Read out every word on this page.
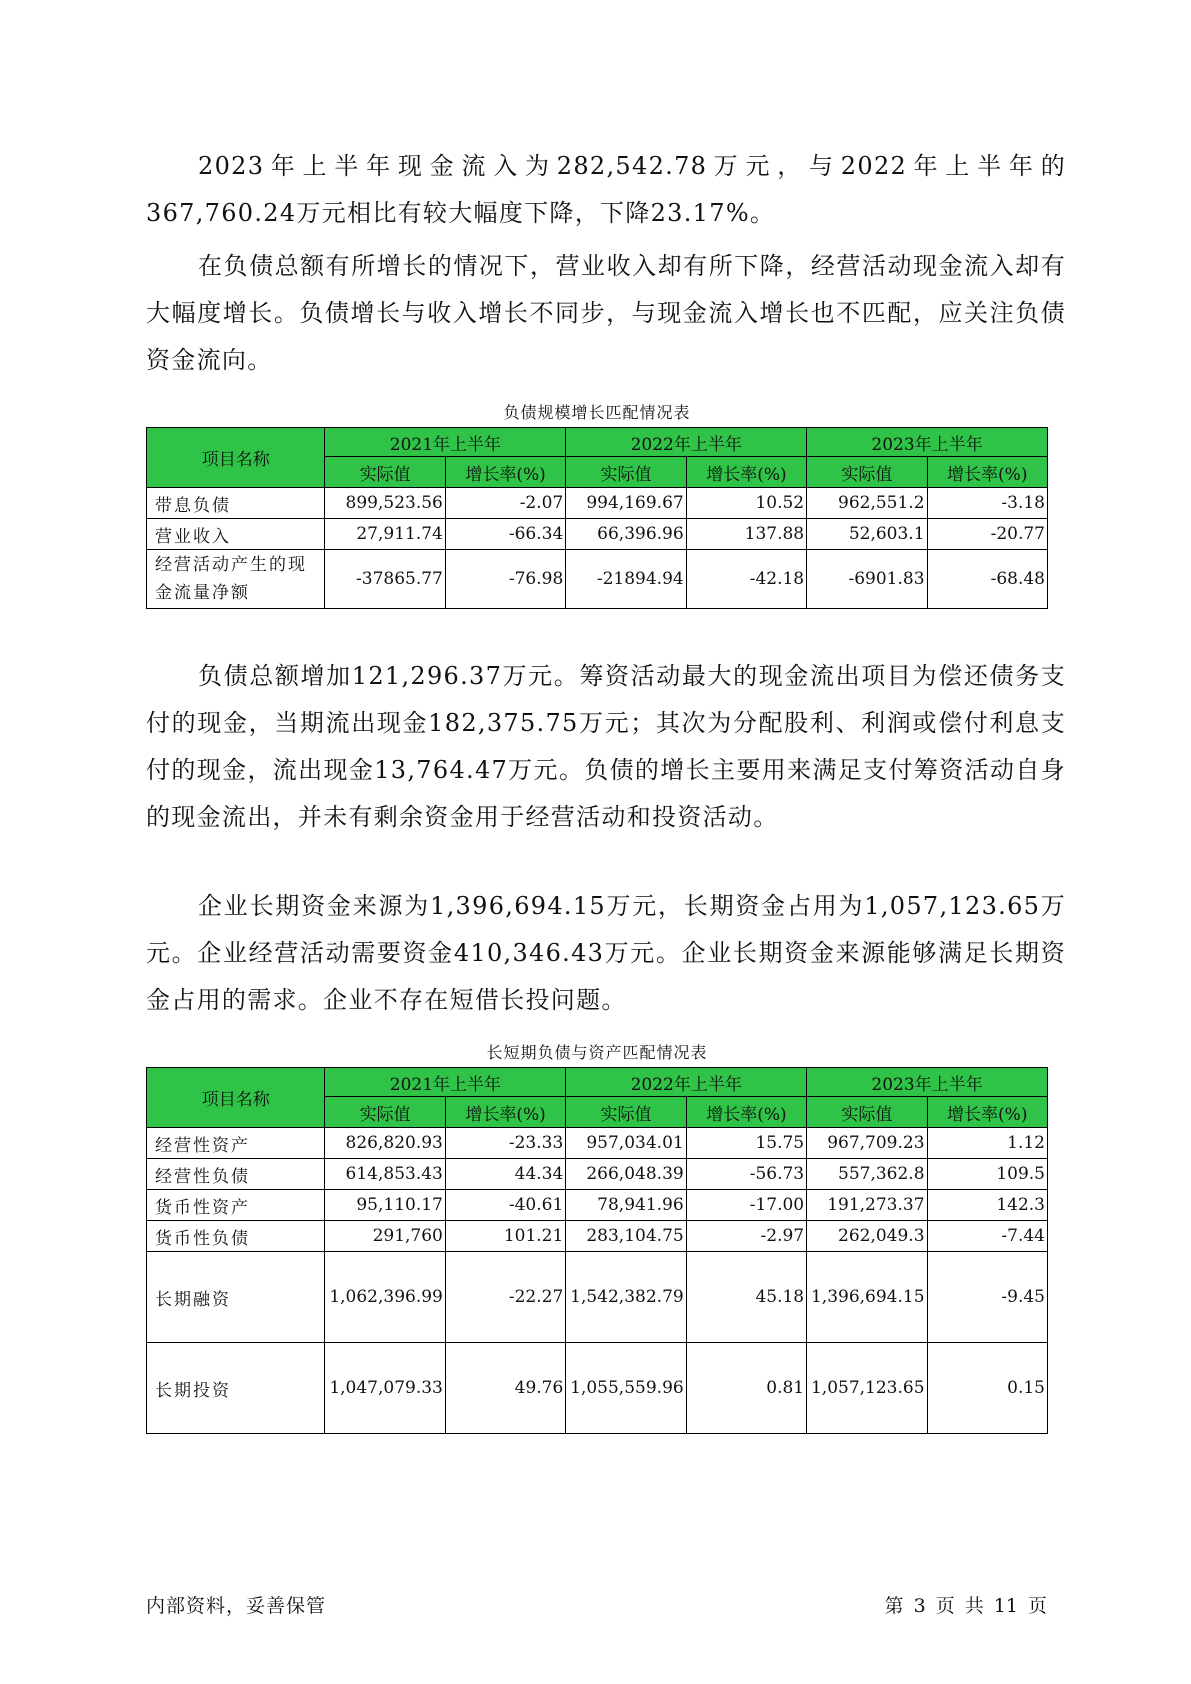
2023年上半年现金流入为282,542.78万元，与2022年上半年的367,760.24万元相比有较大幅度下降，下降23.17%。

在负债总额有所增长的情况下，营业收入却有所下降，经营活动现金流入却有大幅度增长。负债增长与收入增长不同步，与现金流入增长也不匹配，应关注负债资金流向。

负债规模增长匹配情况表
项目名称	2021年上半年		2022年上半年		2023年上半年	
	实际值	增长率(%)	实际值	增长率(%)	实际值	增长率(%)
带息负债	899,523.56	-2.07	994,169.67	10.52	962,551.2	-3.18
营业收入	27,911.74	-66.34	66,396.96	137.88	52,603.1	-20.77
经营活动产生的现金流量净额	-37865.77	-76.98	-21894.94	-42.18	-6901.83	-68.48

负债总额增加121,296.37万元。筹资活动最大的现金流出项目为偿还债务支付的现金，当期流出现金182,375.75万元；其次为分配股利、利润或偿付利息支付的现金，流出现金13,764.47万元。负债的增长主要用来满足支付筹资活动自身的现金流出，并未有剩余资金用于经营活动和投资活动。

企业长期资金来源为1,396,694.15万元，长期资金占用为1,057,123.65万元。企业经营活动需要资金410,346.43万元。企业长期资金来源能够满足长期资金占用的需求。企业不存在短借长投问题。

长短期负债与资产匹配情况表
项目名称	2021年上半年		2022年上半年		2023年上半年	
	实际值	增长率(%)	实际值	增长率(%)	实际值	增长率(%)
经营性资产	826,820.93	-23.33	957,034.01	15.75	967,709.23	1.12
经营性负债	614,853.43	44.34	266,048.39	-56.73	557,362.8	109.5
货币性资产	95,110.17	-40.61	78,941.96	-17.00	191,273.37	142.3
货币性负债	291,760	101.21	283,104.75	-2.97	262,049.3	-7.44
长期融资	1,062,396.99	-22.27	1,542,382.79	45.18	1,396,694.15	-9.45
长期投资	1,047,079.33	49.76	1,055,559.96	0.81	1,057,123.65	0.15
内部资料，妥善保管	第 3 页 共 11 页
